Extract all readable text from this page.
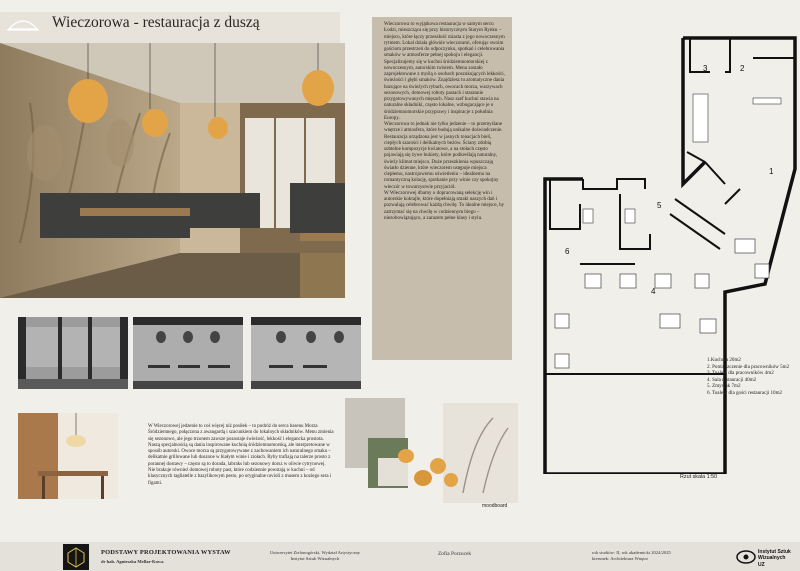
Wieczorowa - restauracja z duszą	Wieczorowa to wyjątkowa restauracja w samym sercu Łodzi, mieszcząca się przy historycznym Starym Rynku – miejscu, które łączy przeszłość miasta z jego nowoczesnym rytmem. Lokal działa głównie wieczorami, oferując swoim gościom przestrzeń do odpoczynku, spotkań i celebrowania smaków w atmosferze pełnej spokoju i elegancji. Specjalizujemy się w kuchni śródziemnomorskiej z nowoczesnym, autorskim twistem. Menu zostało zaprojektowane z myślą o osobach poszukujących lekkości, świeżości i głębi smaków. Znajdziesz tu aromatyczne dania bazujące na świeżych rybach, owocach morza, warzywach sezonowych, domowej roboty pastach i starannie przygotowywanych mięsach. Nasz szef kuchni stawia na naturalne składniki, często lokalne, wzbogacające je o śródziemnomorskie przyprawy i inspiracje z południa Europy.

Wieczorowa to jednak nie tylko jedzenie – to przemyślane wnętrze i atmosfera, które budują unikalne doświadczenie. Restauracja urządzona jest w jasnych tonacjach bieli, ciepłych szarości i delikatnych beżów. Ściany zdobią subtelne kompozycje kwiatowe, a na stołach często pojawiają się żywe bukiety, które podkreślają naturalny, świeży klimat miejsca. Duże przeszklenia wpuszczają światło dzienne, które wieczorem ustępuje miejsca ciepłemu, nastrojowemu oświetleniu – idealnemu na romantyczną kolację, spotkanie przy winie czy spokojny wieczór w towarzystwie przyjaciół.

W Wieczorowej dbamy o dopracowaną selekcję win i autorskie koktajle, które dopełniają smaki naszych dań i pozwalają celebrować każdą chwilę. To idealne miejsce, by zatrzymać się na chwilę w codziennym biegu – niezobowiązująco, a zarazem pełne klasy i stylu.

1
2
3
4
5
6
1.Kuchnia 20m2
2. Pomieszczenie dla pracowników 5m2
3. Toaleta dla pracowników 4m2
4. Sala restauracji 40m2
5. Zmywak 7m2
6. Toalety dla gości restauracji 10m2
Rzut skala 1:50

W Wieczorowej jedzenie to coś więcej niż posiłek – to podróż do serca basenu Morza Śródziemnego, połączona z awangardą i szacunkiem do lokalnych składników. Menu zmienia się sezonowo, ale jego trzonem zawsze pozostaje świeżość, lekkość i elegancka prostota.

Naszą specjalnością są dania inspirowane kuchnią śródziemnomorską, ale interpretowane w sposób autorski. Owoce morza są przygotowywane z zachowaniem ich naturalnego smaku – delikatnie grillowane lub duszone w białym winie i ziołach. Ryby trafiają na talerze prosto z porannej dostawy – często są to dorada, labraks lub sezonowy dorsz w oliwie cytrynowej.

Nie brakuje również domowej roboty past, które codziennie powstają w kuchni – od klasycznych tagliatelle z bazylikowym pesto, po oryginalne ravioli z musem z koziego sera i figami.

moodboard
PODSTAWY PROJEKTOWANIA WYSTAW
dr hab. Agnieszka Mellar-Kowa
Uniwersytet Zielonogórski, Wydział Artystyczny
Instytut Sztuk Wizualnych
Zofia Porzucek	rok studiów: II, rok akademicki 2024/2025
kierunek: Architektura Wnętrz
Instytut Sztuk
Wizualnych
UZ
